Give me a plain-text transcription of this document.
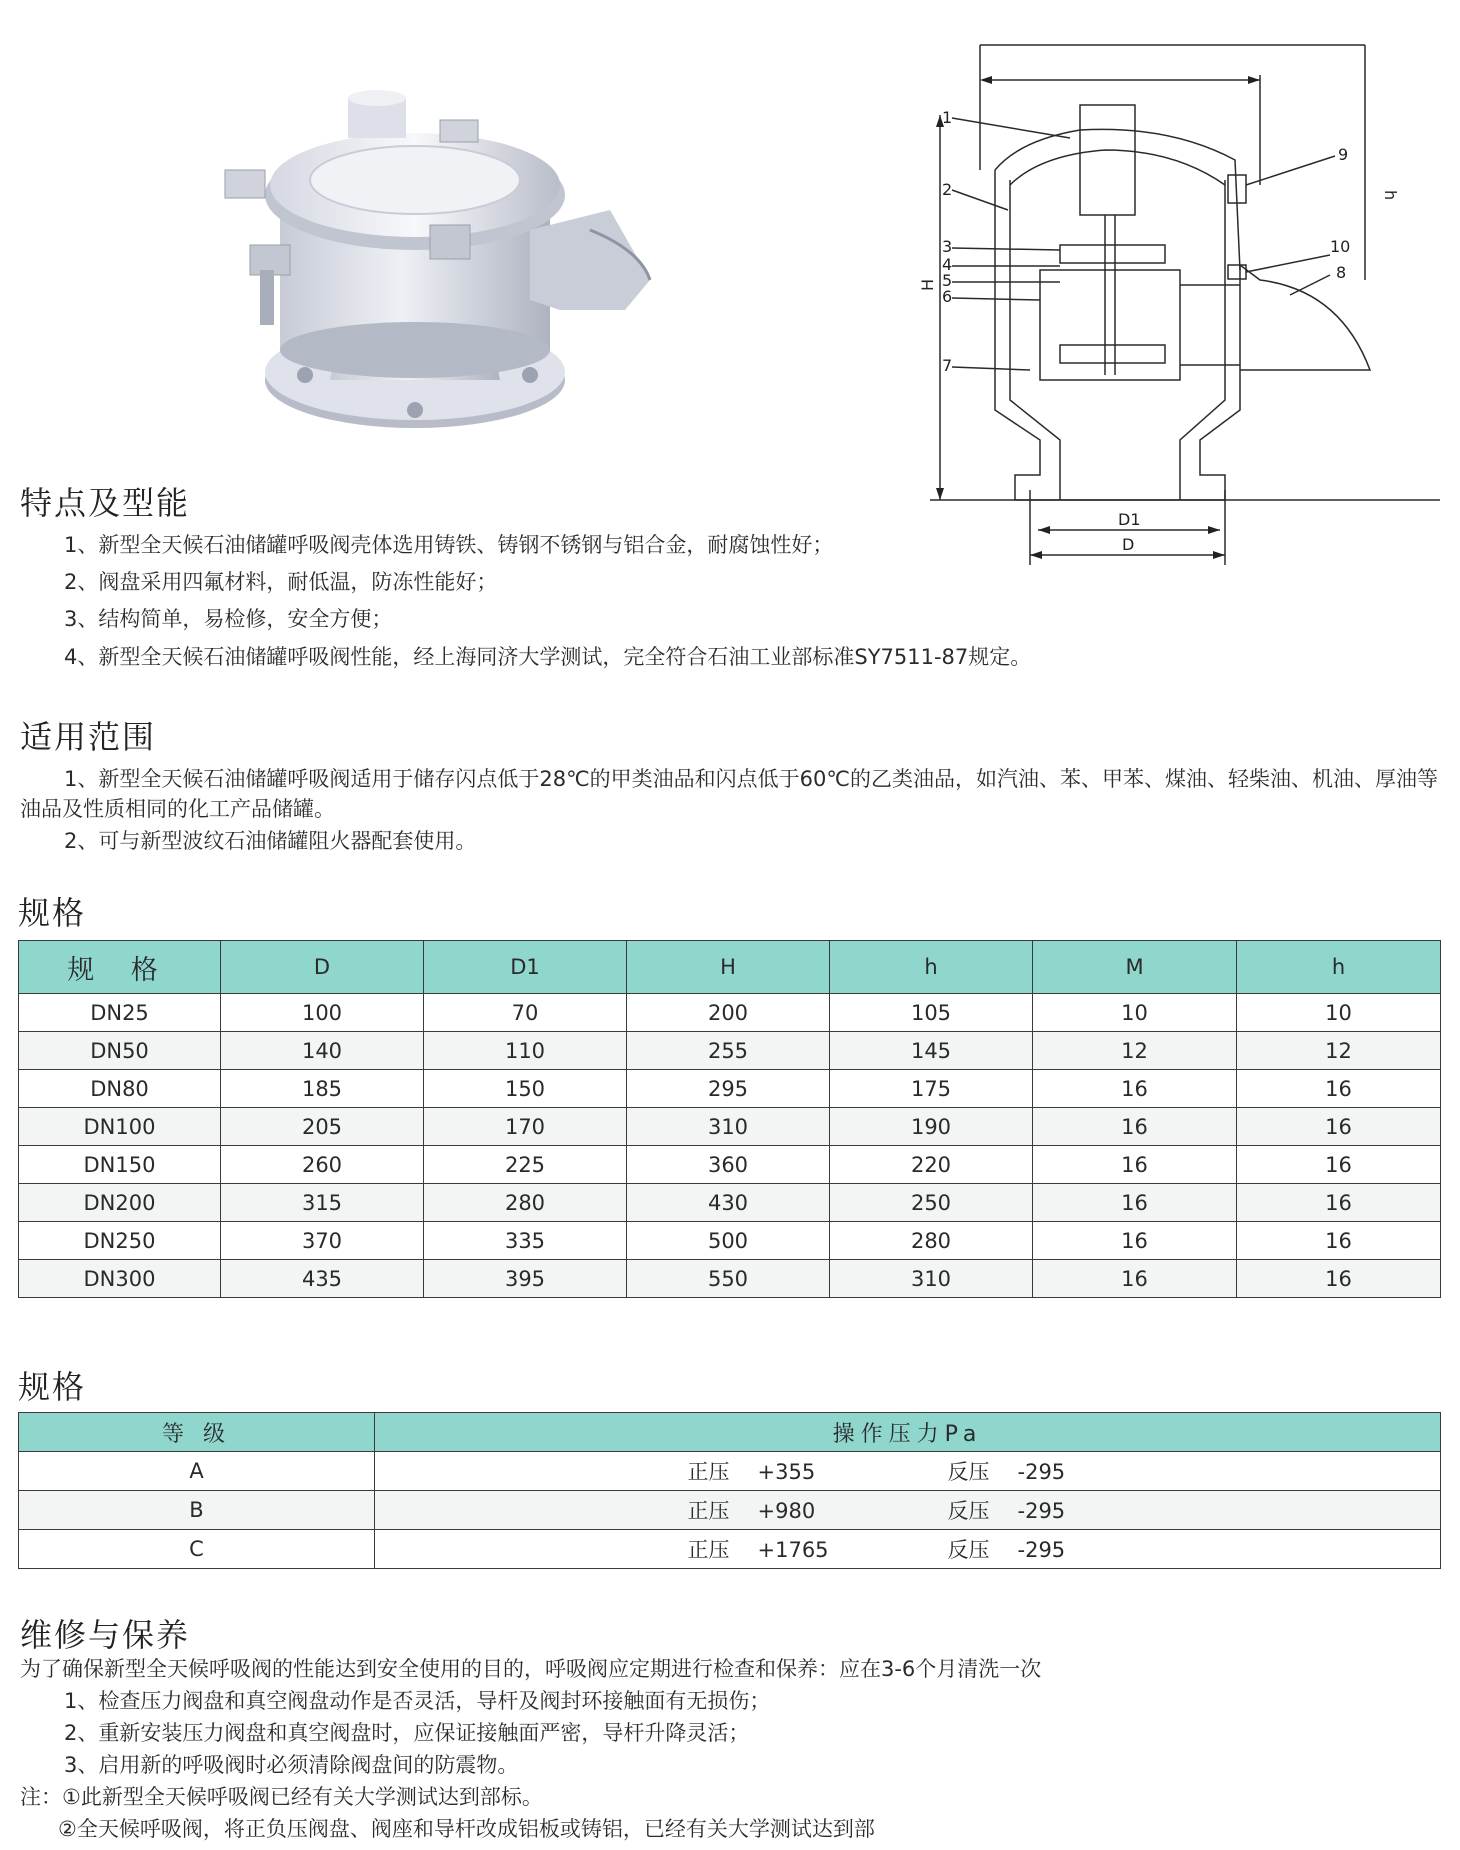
1
2
3
4
5
6
7
8
9
10
H
h
D1
D
特点及型能
1、新型全天候石油储罐呼吸阀壳体选用铸铁、铸钢不锈钢与铝合金，耐腐蚀性好；
2、阀盘采用四氟材料，耐低温，防冻性能好；
3、结构简单，易检修，安全方便；
4、新型全天候石油储罐呼吸阀性能，经上海同济大学测试，完全符合石油工业部标准SY7511-87规定。
适用范围
1、新型全天候石油储罐呼吸阀适用于储存闪点低于28℃的甲类油品和闪点低于60℃的乙类油品，如汽油、苯、甲苯、煤油、轻柴油、机油、厚油等油品及性质相同的化工产品储罐。
2、可与新型波纹石油储罐阻火器配套使用。
规格
规 格	D	D1	H	h	M	h
DN25	100	70	200	105	10	10
DN50	140	110	255	145	12	12
DN80	185	150	295	175	16	16
DN100	205	170	310	190	16	16
DN150	260	225	360	220	16	16
DN200	315	280	430	250	16	16
DN250	370	335	500	280	16	16
DN300	435	395	550	310	16	16
规格
等 级	操作压力Pa
A	正压 +355 反压 -295
B	正压 +980 反压 -295
C	正压 +1765 反压 -295
维修与保养
为了确保新型全天候呼吸阀的性能达到安全使用的目的，呼吸阀应定期进行检查和保养：应在3-6个月清洗一次
1、检查压力阀盘和真空阀盘动作是否灵活，导杆及阀封环接触面有无损伤；
2、重新安装压力阀盘和真空阀盘时，应保证接触面严密，导杆升降灵活；
3、启用新的呼吸阀时必须清除阀盘间的防震物。
注：①此新型全天候呼吸阀已经有关大学测试达到部标。
②全天候呼吸阀，将正负压阀盘、阀座和导杆改成铝板或铸铝，已经有关大学测试达到部
